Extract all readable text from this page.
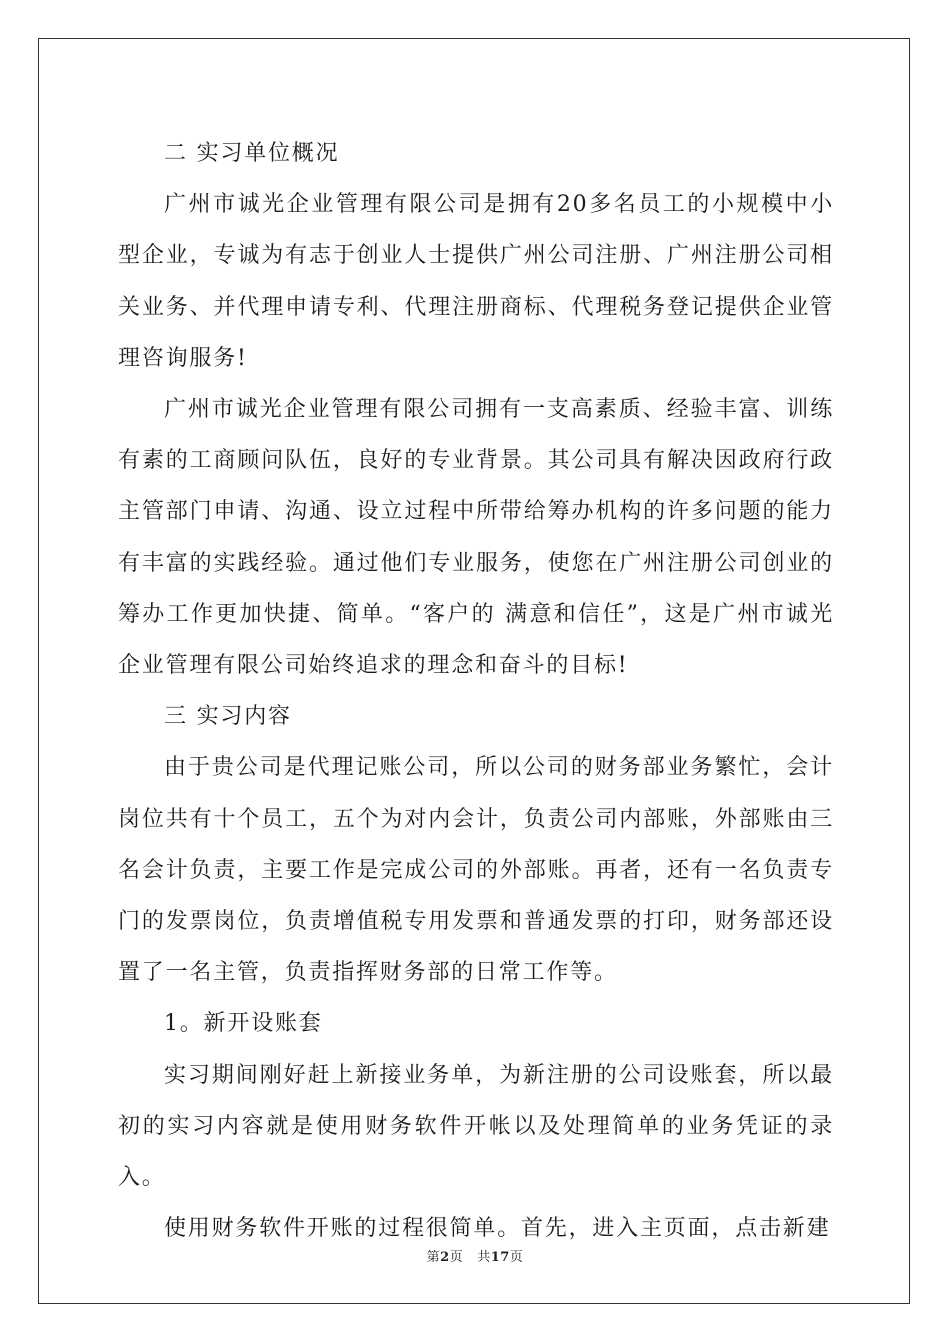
二 实习单位概况

广州市诚光企业管理有限公司是拥有20多名员工的小规模中小型企业，专诚为有志于创业人士提供广州公司注册、广州注册公司相关业务、并代理申请专利、代理注册商标、代理税务登记提供企业管理咨询服务!

广州市诚光企业管理有限公司拥有一支高素质、经验丰富、训练有素的工商顾问队伍，良好的专业背景。其公司具有解决因政府行政主管部门申请、沟通、设立过程中所带给筹办机构的许多问题的能力有丰富的实践经验。通过他们专业服务，使您在广州注册公司创业的筹办工作更加快捷、简单。“客户的 满意和信任”，这是广州市诚光企业管理有限公司始终追求的理念和奋斗的目标!

三 实习内容

由于贵公司是代理记账公司，所以公司的财务部业务繁忙，会计岗位共有十个员工，五个为对内会计，负责公司内部账，外部账由三名会计负责，主要工作是完成公司的外部账。再者，还有一名负责专门的发票岗位，负责增值税专用发票和普通发票的打印，财务部还设置了一名主管，负责指挥财务部的日常工作等。

1。新开设账套

实习期间刚好赶上新接业务单，为新注册的公司设账套，所以最初的实习内容就是使用财务软件开帐以及处理简单的业务凭证的录入。

使用财务软件开账的过程很简单。首先，进入主页面，点击新建

第2页 共17页
